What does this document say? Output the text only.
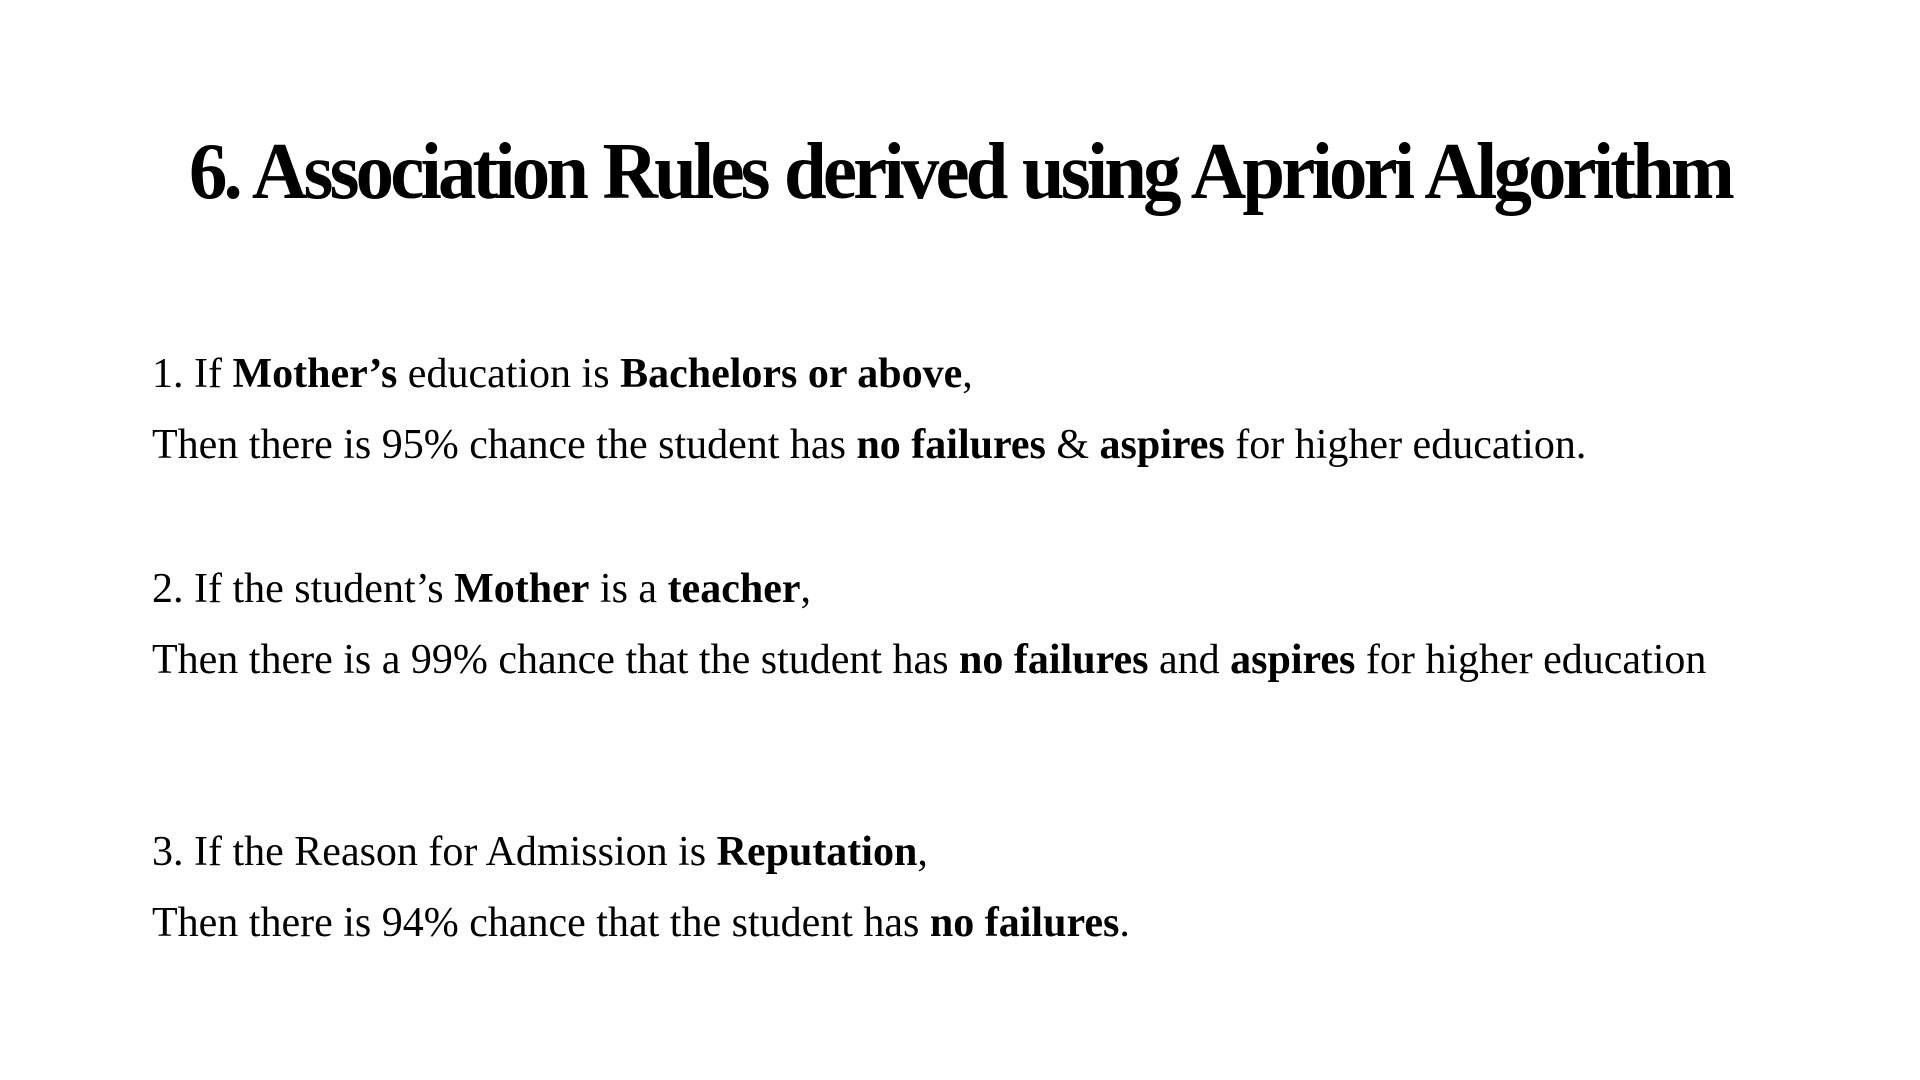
6. Association Rules derived using Apriori Algorithm

1. If Mother’s education is Bachelors or above,

Then there is 95% chance the student has no failures & aspires for higher education.

2. If the student’s Mother is a teacher,

Then there is a 99% chance that the student has no failures and aspires for higher education

3. If the Reason for Admission is Reputation,

Then there is 94% chance that the student has no failures.
